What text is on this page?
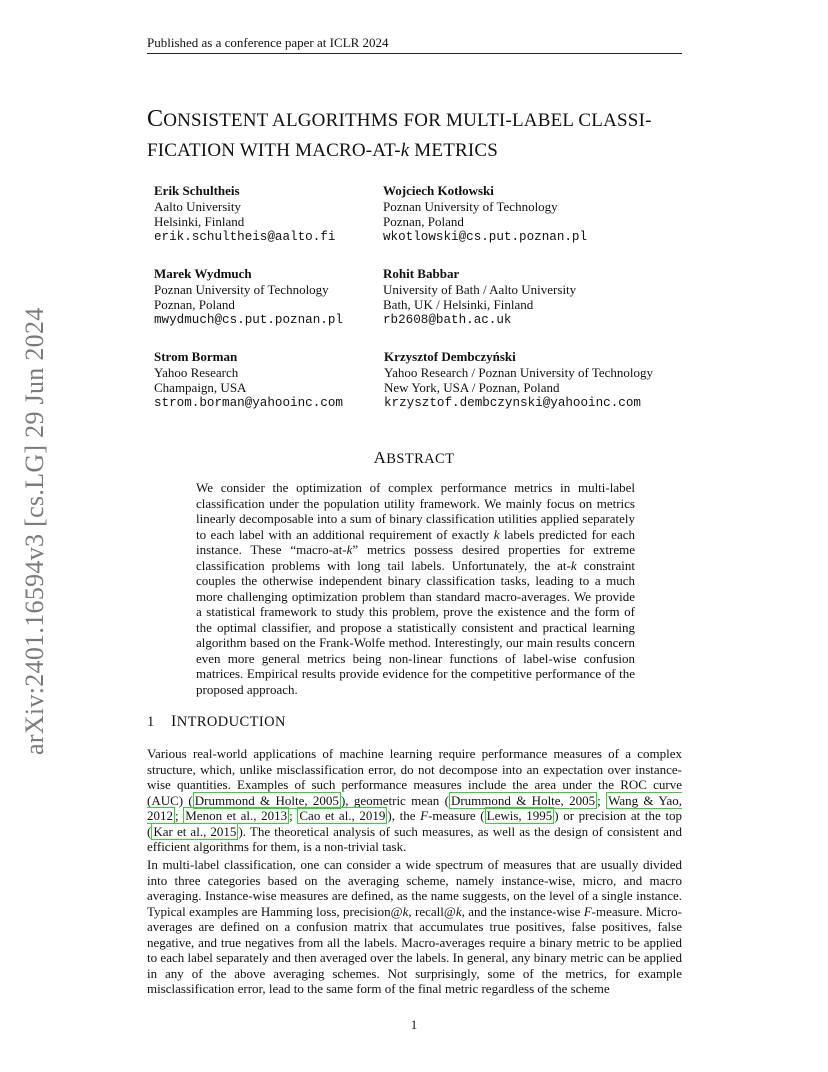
Published as a conference paper at ICLR 2024
arXiv:2401.16594v3 [cs.LG] 29 Jun 2024
CONSISTENT ALGORITHMS FOR MULTI-LABEL CLASSI-
FICATION WITH MACRO-AT-k METRICS
Erik Schultheis
Aalto University
Helsinki, Finland
erik.schultheis@aalto.fi
Wojciech Kotłowski
Poznan University of Technology
Poznan, Poland
wkotlowski@cs.put.poznan.pl
Marek Wydmuch
Poznan University of Technology
Poznan, Poland
mwydmuch@cs.put.poznan.pl
Rohit Babbar
University of Bath / Aalto University
Bath, UK / Helsinki, Finland
rb2608@bath.ac.uk
Strom Borman
Yahoo Research
Champaign, USA
strom.borman@yahooinc.com
Krzysztof Dembczyński
Yahoo Research / Poznan University of Technology
New York, USA / Poznan, Poland
krzysztof.dembczynski@yahooinc.com
ABSTRACT
We consider the optimization of complex performance metrics in multi-label classification under the population utility framework. We mainly focus on metrics linearly decomposable into a sum of binary classification utilities applied separately to each label with an additional requirement of exactly k labels predicted for each instance. These “macro-at-k” metrics possess desired properties for extreme classification problems with long tail labels. Unfortunately, the at-k constraint couples the otherwise independent binary classification tasks, leading to a much more challenging optimization problem than standard macro-averages. We provide a statistical framework to study this problem, prove the existence and the form of the optimal classifier, and propose a statistically consistent and practical learning algorithm based on the Frank-Wolfe method. Interestingly, our main results concern even more general metrics being non-linear functions of label-wise confusion matrices. Empirical results provide evidence for the competitive performance of the proposed approach.
1 INTRODUCTION
Various real-world applications of machine learning require performance measures of a complex structure, which, unlike misclassification error, do not decompose into an expectation over instance-wise quantities. Examples of such performance measures include the area under the ROC curve (AUC) ( Drummond & Holte, 2005 ), geometric mean ( Drummond & Holte, 2005 ; Wang & Yao, 2012 ; Menon et al., 2013 ; Cao et al., 2019 ), the F-measure ( Lewis, 1995 ) or precision at the top ( Kar et al., 2015 ). The theoretical analysis of such measures, as well as the design of consistent and efficient algorithms for them, is a non-trivial task.
In multi-label classification, one can consider a wide spectrum of measures that are usually divided into three categories based on the averaging scheme, namely instance-wise, micro, and macro averaging. Instance-wise measures are defined, as the name suggests, on the level of a single instance. Typical examples are Hamming loss, precision@k, recall@k, and the instance-wise F-measure. Micro-averages are defined on a confusion matrix that accumulates true positives, false positives, false negative, and true negatives from all the labels. Macro-averages require a binary metric to be applied to each label separately and then averaged over the labels. In general, any binary metric can be applied in any of the above averaging schemes. Not surprisingly, some of the metrics, for example misclassification error, lead to the same form of the final metric regardless of the scheme
1
